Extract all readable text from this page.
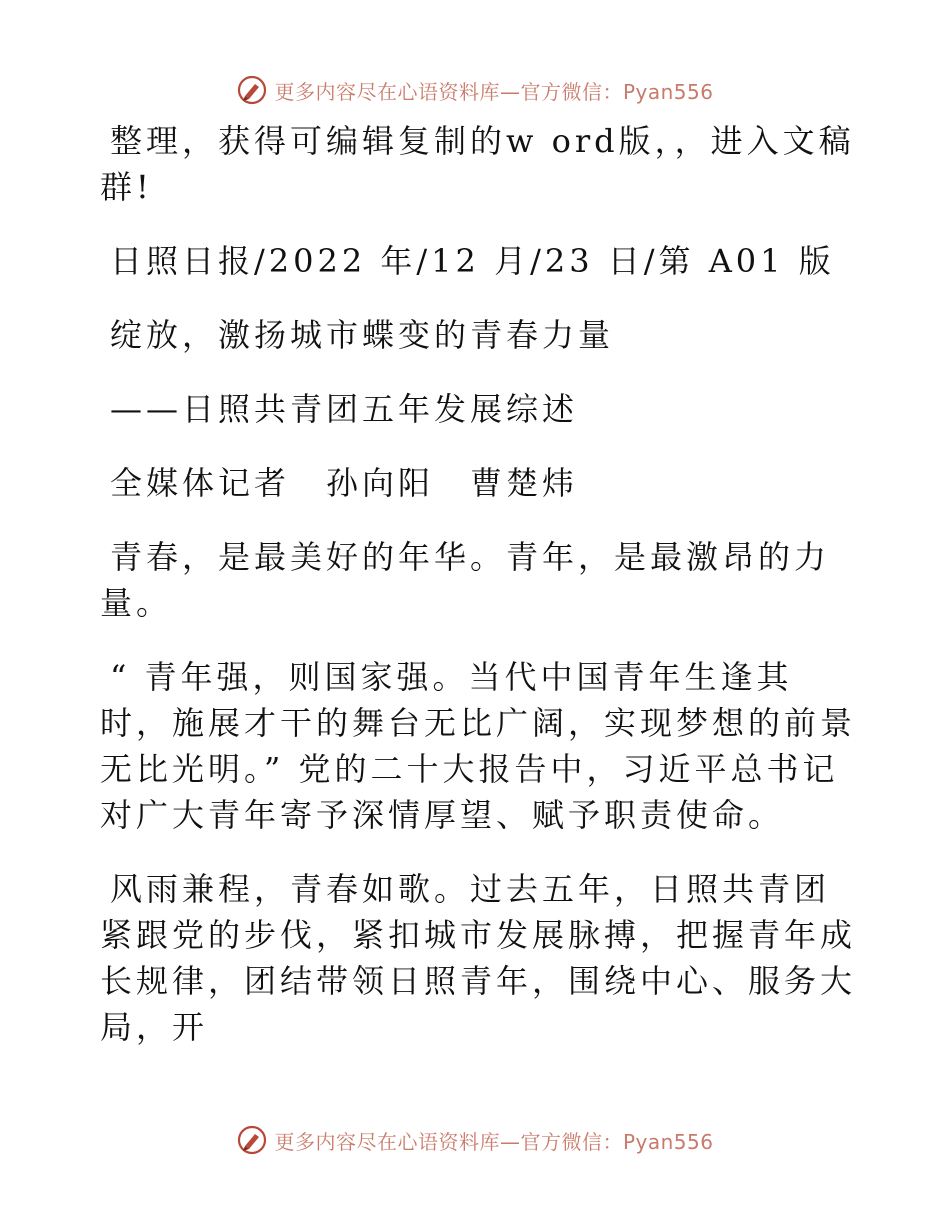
更多内容尽在心语资料库—官方微信：Pyan556

整理，获得可编辑复制的w ord版，，进入文稿群!

日照日报/2022 年/12 月/23 日/第 A01 版

绽放，激扬城市蝶变的青春力量

——日照共青团五年发展综述

全媒体记者　孙向阳　曹楚炜

青春，是最美好的年华。青年，是最激昂的力量。

“ 青年强，则国家强。当代中国青年生逢其时，施展才干的舞台无比广阔，实现梦想的前景无比光明。” 党的二十大报告中，习近平总书记对广大青年寄予深情厚望、赋予职责使命。

风雨兼程，青春如歌。过去五年，日照共青团紧跟党的步伐，紧扣城市发展脉搏，把握青年成长规律，团结带领日照青年，围绕中心、服务大局，开

更多内容尽在心语资料库—官方微信：Pyan556
